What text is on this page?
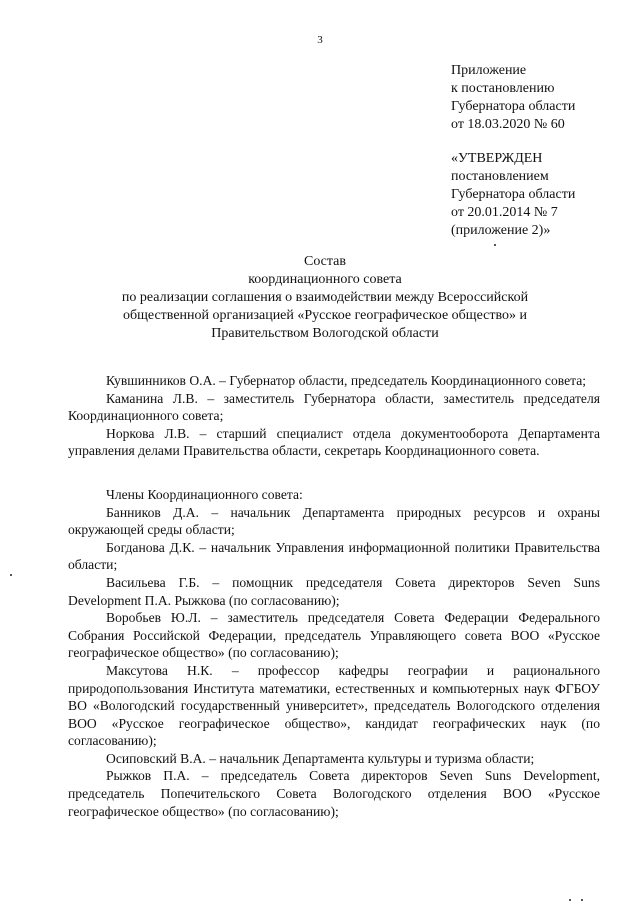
3
Приложение
к постановлению
Губернатора области
от 18.03.2020 № 60
«УТВЕРЖДЕН
постановлением
Губернатора области
от 20.01.2014 № 7
(приложение 2)»
Состав
координационного совета
по реализации соглашения о взаимодействии между Всероссийской
общественной организацией «Русское географическое общество» и
Правительством Вологодской области
Кувшинников О.А. – Губернатор области, председатель Координационного совета;
Каманина Л.В. – заместитель Губернатора области, заместитель председателя Координационного совета;
Норкова Л.В. – старший специалист отдела документооборота Департамента управления делами Правительства области, секретарь Координационного совета.
Члены Координационного совета:
Банников Д.А. – начальник Департамента природных ресурсов и охраны окружающей среды области;
Богданова Д.К. – начальник Управления информационной политики Правительства области;
Васильева Г.Б. – помощник председателя Совета директоров Seven Suns Development П.А. Рыжкова (по согласованию);
Воробьев Ю.Л. – заместитель председателя Совета Федерации Федерального Собрания Российской Федерации, председатель Управляющего совета ВОО «Русское географическое общество» (по согласованию);
Максутова Н.К. – профессор кафедры географии и рационального природопользования Института математики, естественных и компьютерных наук ФГБОУ ВО «Вологодский государственный университет», председатель Вологодского отделения ВОО «Русское географическое общество», кандидат географических наук (по согласованию);
Осиповский В.А. – начальник Департамента культуры и туризма области;
Рыжков П.А. – председатель Совета директоров Seven Suns Development, председатель Попечительского Совета Вологодского отделения ВОО «Русское географическое общество» (по согласованию);
